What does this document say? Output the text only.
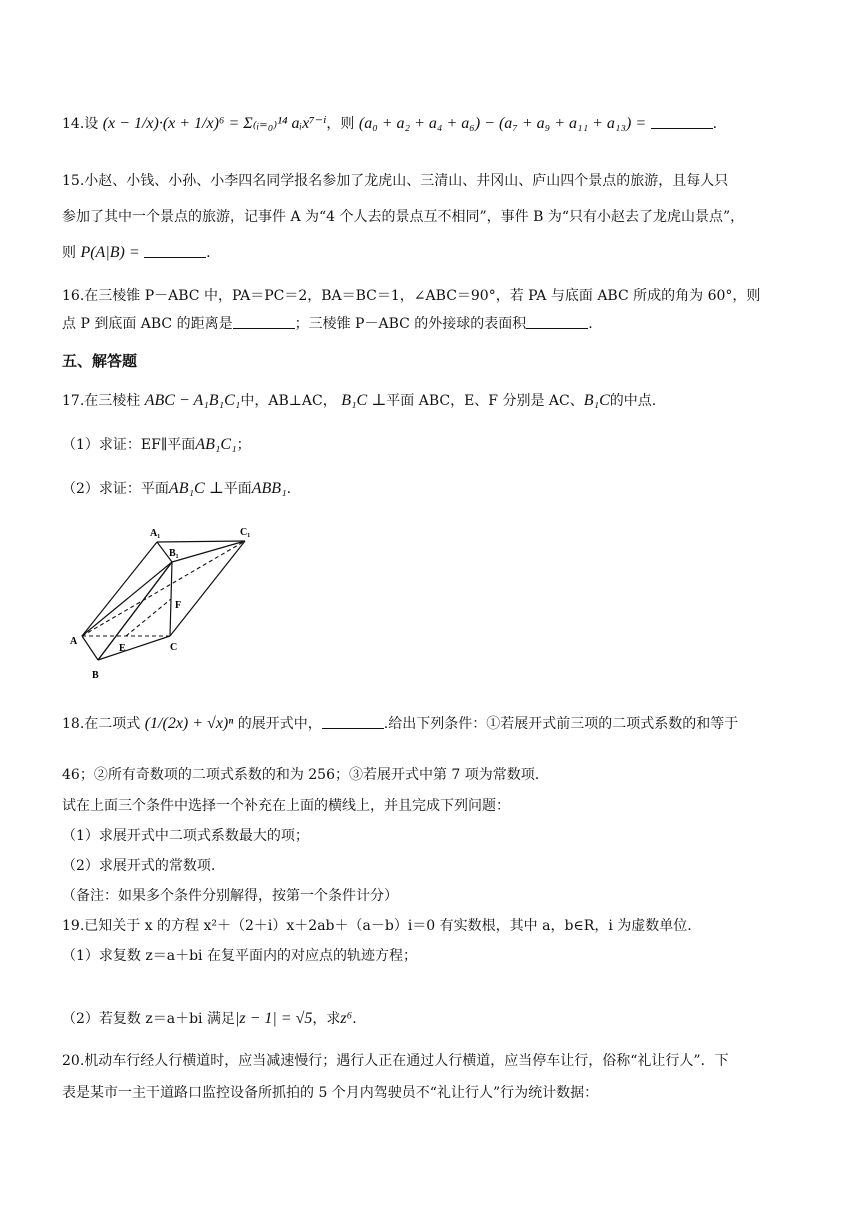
14.设 (x − 1/x)·(x + 1/x)⁶ = Σ₍ᵢ₌₀₎¹⁴ aᵢx⁷⁻ⁱ，则 (a₀ + a₂ + a₄ + a₆) − (a₇ + a₉ + a₁₁ + a₁₃) =	.
15.小赵、小钱、小孙、小李四名同学报名参加了龙虎山、三清山、井冈山、庐山四个景点的旅游，且每人只
参加了其中一个景点的旅游，记事件 A 为“4 个人去的景点互不相同”，事件 B 为“只有小赵去了龙虎山景点”，
则 P(A|B) =	.
16.在三棱锥 P－ABC 中，PA＝PC＝2，BA＝BC＝1，∠ABC＝90°，若 PA 与底面 ABC 所成的角为 60°，则
点 P 到底面 ABC 的距离是	；三棱锥 P－ABC 的外接球的表面积	.
五、解答题
17.在三棱柱 ABC − A₁B₁C₁中，AB⊥AC， B₁C ⊥平面 ABC，E、F 分别是 AC、B₁C的中点.
（1）求证：EF∥平面AB₁C₁；
（2）求证：平面AB₁C ⊥平面ABB₁.
A₁
B₁
C₁
A
B
C
E
F
18.在二项式 (1/(2x) + √x)ⁿ 的展开式中，	.给出下列条件：①若展开式前三项的二项式系数的和等于
46；②所有奇数项的二项式系数的和为 256；③若展开式中第 7 项为常数项.
试在上面三个条件中选择一个补充在上面的横线上，并且完成下列问题：
（1）求展开式中二项式系数最大的项；
（2）求展开式的常数项.
（备注：如果多个条件分别解得，按第一个条件计分）
19.已知关于 x 的方程 x²＋（2＋i）x＋2ab＋（a－b）i＝0 有实数根，其中 a，b∈R，i 为虚数单位.
（1）求复数 z＝a＋bi 在复平面内的对应点的轨迹方程；
（2）若复数 z＝a＋bi 满足|z − 1| = √5，求z⁶.
20.机动车行经人行横道时，应当减速慢行；遇行人正在通过人行横道，应当停车让行，俗称“礼让行人”．下
表是某市一主干道路口监控设备所抓拍的 5 个月内驾驶员不“礼让行人”行为统计数据：
